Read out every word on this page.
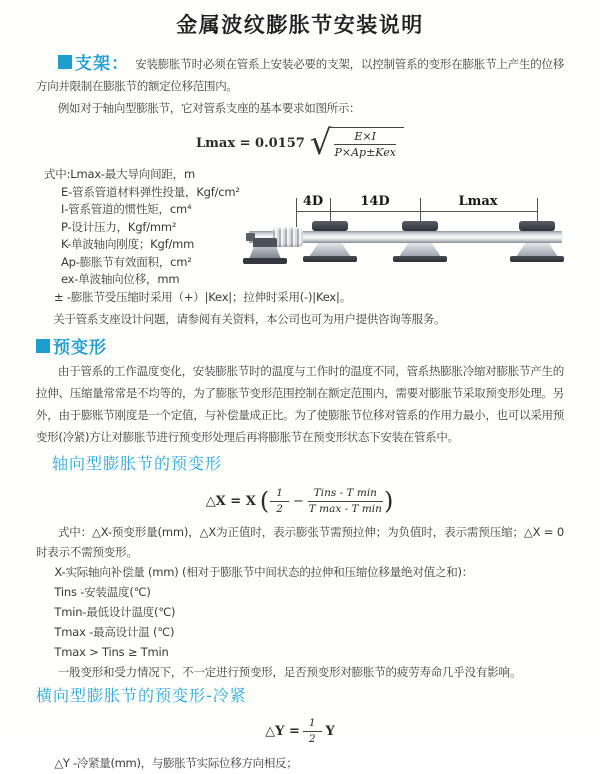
金属波纹膨胀节安装说明

支架： 安装膨胀节时必须在管系上安装必要的支架，以控制管系的变形在膨胀节上产生的位移方向并限制在膨胀节的额定位移范围内。

例如对于轴向型膨胀节，它对管系支座的基本要求如图所示：

Lmax = 0.0157 √ $\frac{E\times I}{\text{P×Ap±Kex}}$
式中:Lmax-最大导向间距，m
E-管系管道材料弹性投量，Kgf/cm²
I-管系管道的惯性矩，cm⁴
P-设计压力，Kgf/mm²
K-单波轴向刚度；Kgf/mm
Ap-膨胀节有效面积，cm²
ex-单波轴向位移，mm
± -膨胀节受压缩时采用（+）|Kex|；拉伸时采用(-)|Kex|。

关于管系支座设计问题，请参阅有关资料，本公司也可为用户提供咨询等服务。

预变形

由于管系的工作温度变化，安装膨胀节时的温度与工作时的温度不同，管系热膨胀冷缩对膨胀节产生的拉伸、压缩量常常是不均等的，为了膨胀节变形范围控制在额定范围内，需要对膨胀节采取预变形处理。另外，由于膨账节刚度是一个定值，与补偿量成正比。为了使膨胀节位移对管系的作用力最小，也可以采用预变形(冷紧)方让对膨胀节进行预变形处理后再将膨胀节在预变形状态下安装在管系中。

轴向型膨胀节的预变形

△X = X ( $\frac{1}{2} - \frac{\text{Tins - T min}}{\text{T max - T min}}$ )

式中：△X-预变形量(mm)，△X为正值时，表示膨张节需预拉伸；为负值时，表示需预压缩；△X = 0时表示不需预变形。

X-实际轴向补偿量 (mm) (相对于膨胀节中间状态的拉伸和压缩位移量绝对值之和)：

Tins -安装温度(℃)

Tmin-最低设计温度(℃)

Tmax -最高设计温 (℃)

Tmax > Tins ≥ Tmin

一般变形和受力情况下，不一定进行预变形，足否预变形对膨胀节的疲劳寿命几乎没有影响。

横向型膨胀节的预变形-冷紧

△Y = $\frac{1}{2}$ Y

△Y -冷紧量(mm)，与膨胀节实际位移方向相反；

4D	14D	Lmax
